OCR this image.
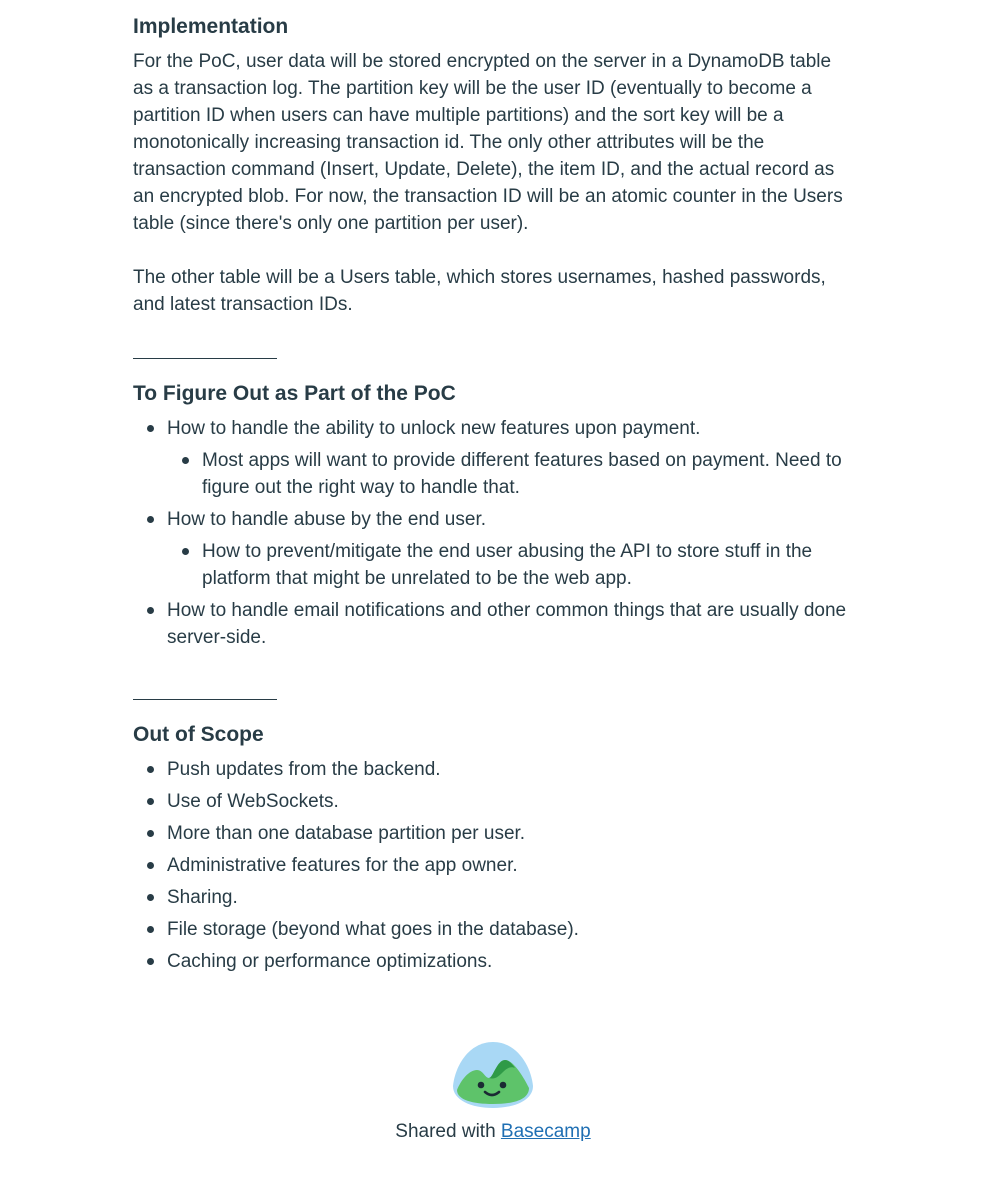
Implementation

For the PoC, user data will be stored encrypted on the server in a DynamoDB table as a transaction log. The partition key will be the user ID (eventually to become a partition ID when users can have multiple partitions) and the sort key will be a monotonically increasing transaction id. The only other attributes will be the transaction command (Insert, Update, Delete), the item ID, and the actual record as an encrypted blob. For now, the transaction ID will be an atomic counter in the Users table (since there's only one partition per user).

The other table will be a Users table, which stores usernames, hashed passwords, and latest transaction IDs.

To Figure Out as Part of the PoC
How to handle the ability to unlock new features upon payment.
Most apps will want to provide different features based on payment. Need to figure out the right way to handle that.
How to handle abuse by the end user.
How to prevent/mitigate the end user abusing the API to store stuff in the platform that might be unrelated to be the web app.
How to handle email notifications and other common things that are usually done server-side.
Out of Scope
Push updates from the backend.
Use of WebSockets.
More than one database partition per user.
Administrative features for the app owner.
Sharing.
File storage (beyond what goes in the database).
Caching or performance optimizations.
Shared with Basecamp
